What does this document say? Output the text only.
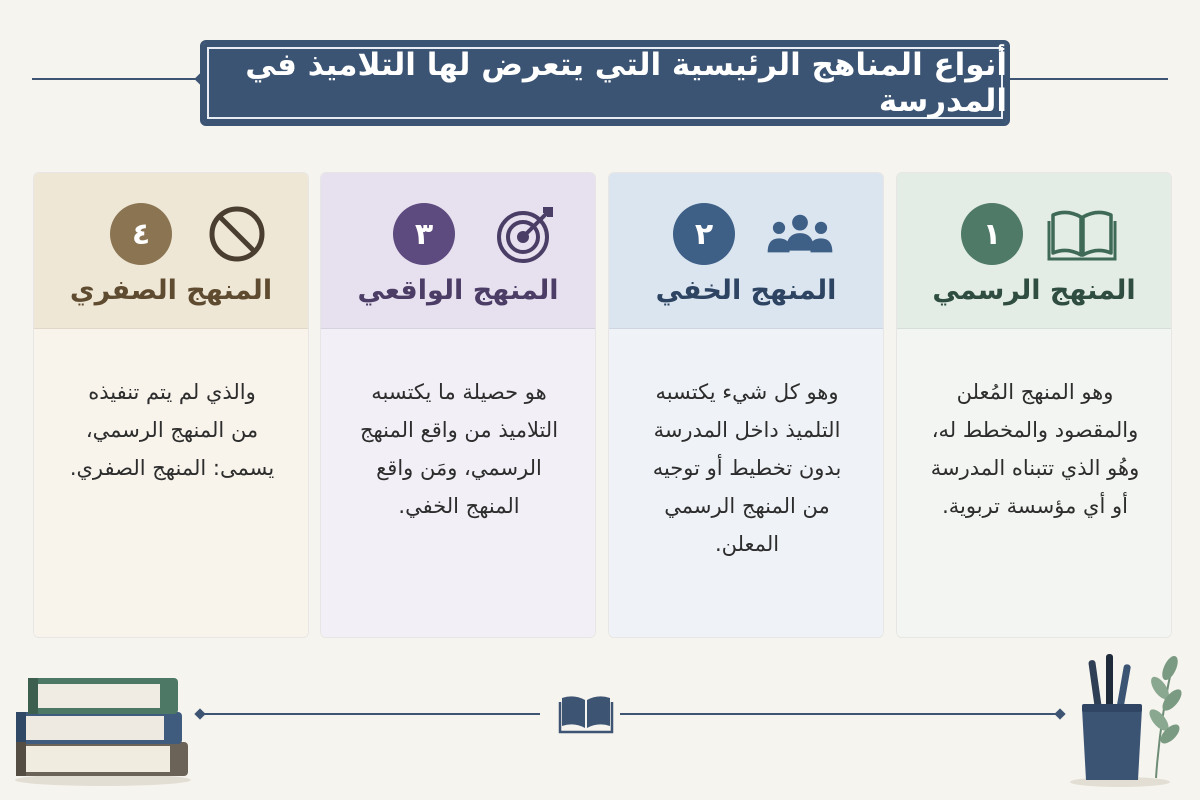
أنواع المناهج الرئيسية التي يتعرض لها التلاميذ في المدرسة
١
المنهج الرسمي
وهو المنهج المُعلن
والمقصود والمخطط له،
وهُو الذي تتبناه المدرسة
أو أي مؤسسة تربوية.
٢
المنهج الخفي
وهو كل شيء يكتسبه
التلميذ داخل المدرسة
بدون تخطيط أو توجيه
من المنهج الرسمي
المعلن.
٣
المنهج الواقعي
هو حصيلة ما يكتسبه
التلاميذ من واقع المنهج
الرسمي، ومَن واقع
المنهج الخفي.
٤
المنهج الصفري
والذي لم يتم تنفيذه
من المنهج الرسمي،
يسمى: المنهج الصفري.
